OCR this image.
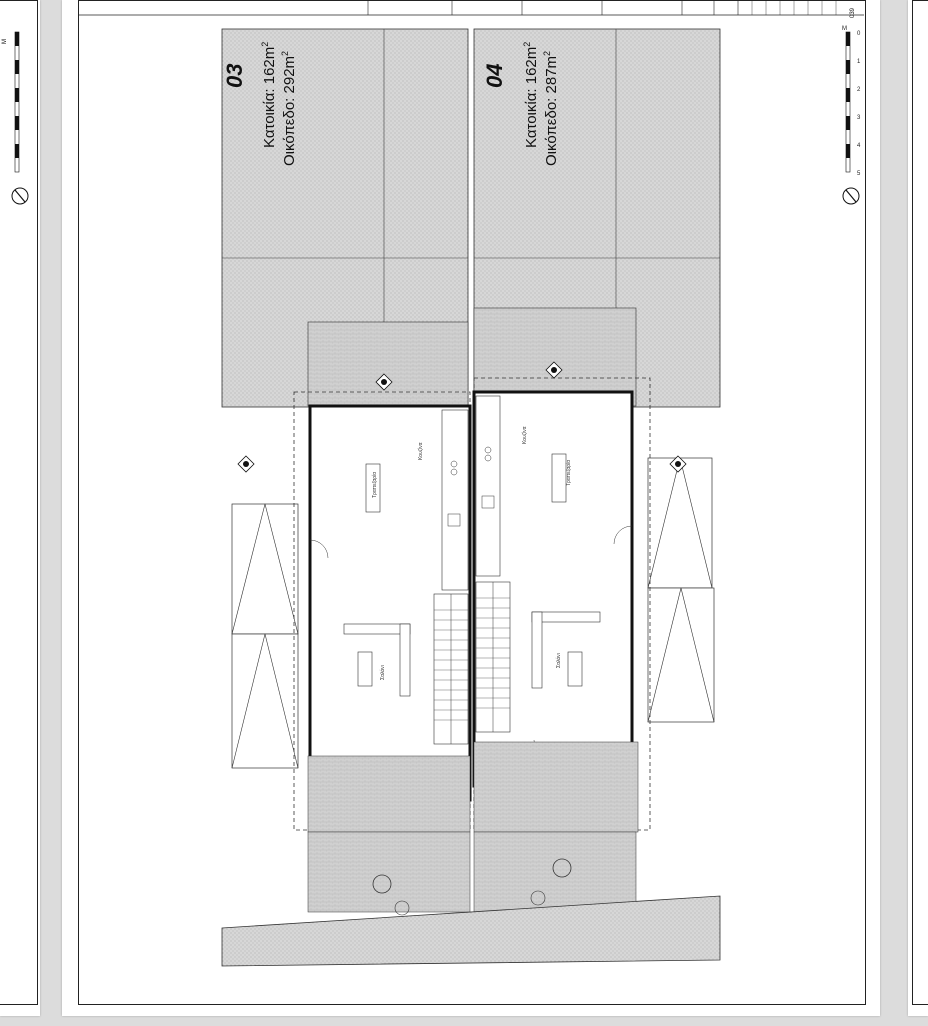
M
0
1
2
3
4
5
M
Κουζίνα
Τραπεζαρία
Σαλόνι
Κουζίνα
Τραπεζαρία
Σαλόνι
03 Κατοικία: $162m^2$
Οικόπεδο: $292m^2$
04	Κατοικία: $162m^2$
Οικόπεδο: $287m^2$
039
